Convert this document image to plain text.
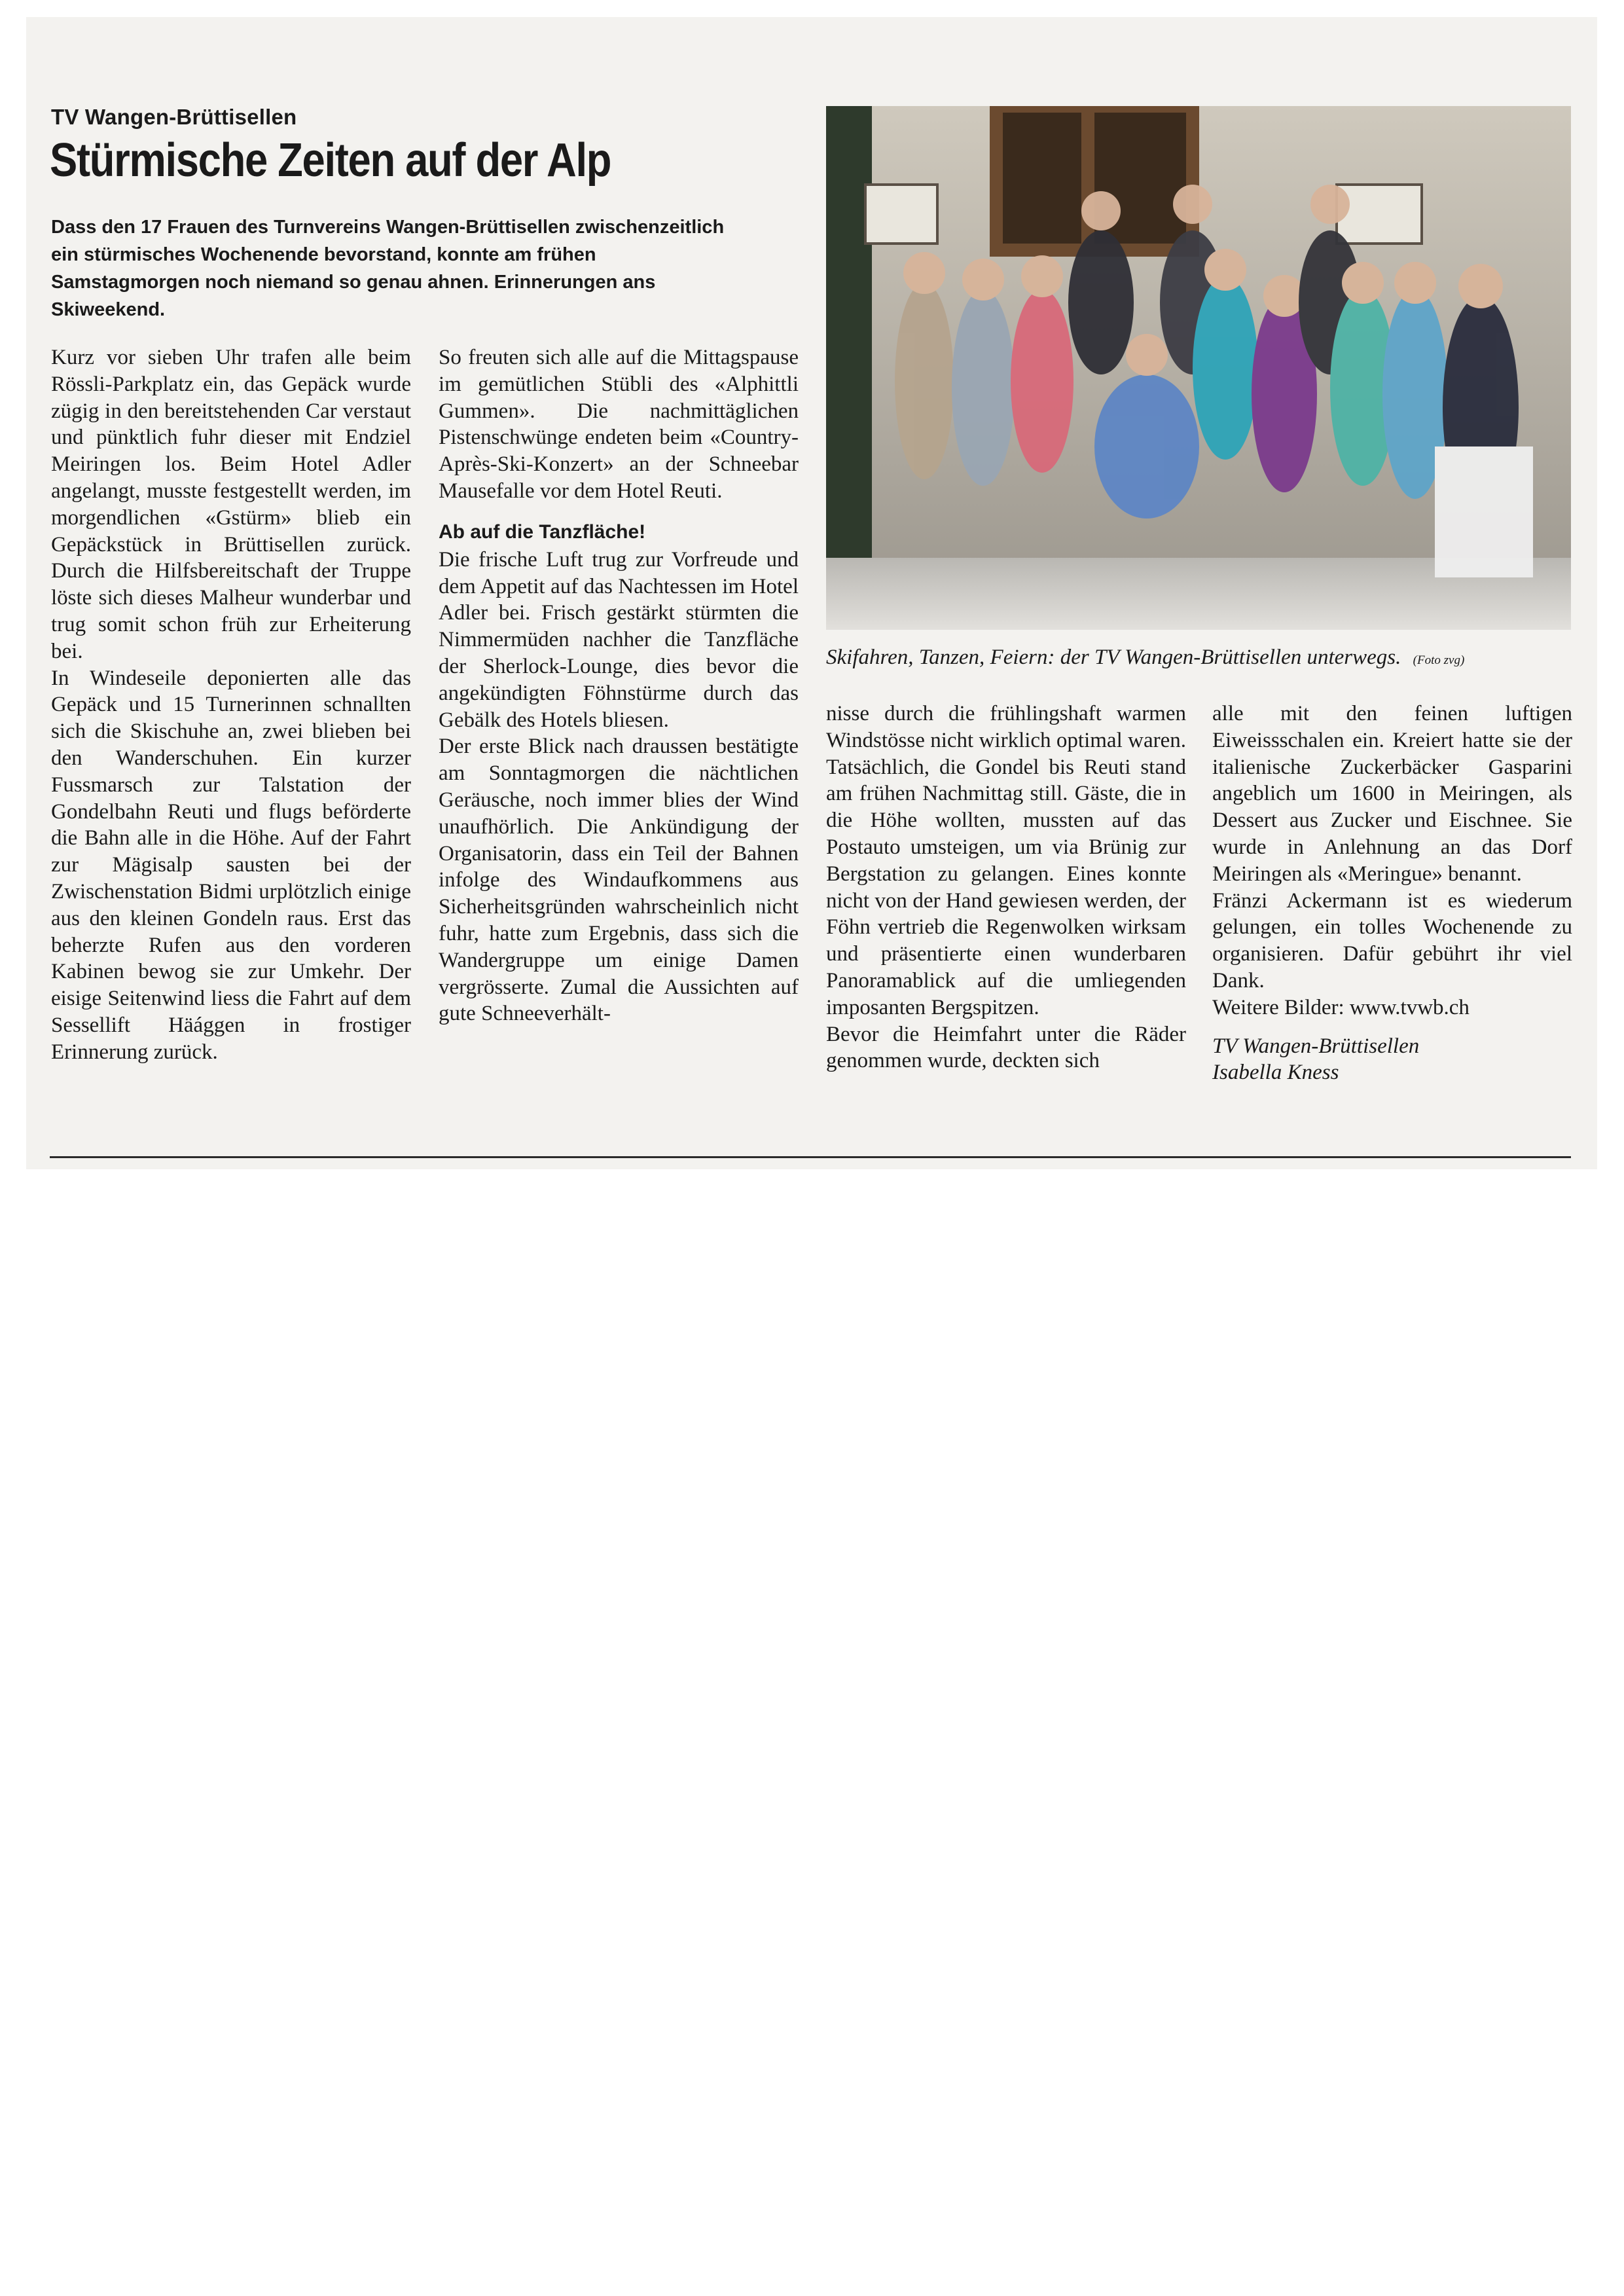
TV Wangen-Brüttisellen
Stürmische Zeiten auf der Alp

Dass den 17 Frauen des Turnvereins Wangen-Brüttisellen zwischenzeitlich ein stürmisches Wochenende bevorstand, konnte am frühen Samstagmorgen noch niemand so genau ahnen. Erinnerungen ans Skiweekend.

Kurz vor sieben Uhr trafen alle beim Rössli-Parkplatz ein, das Gepäck wurde zügig in den bereitstehenden Car verstaut und pünktlich fuhr dieser mit Endziel Meiringen los. Beim Hotel Adler angelangt, musste festgestellt werden, im morgendlichen «Gstürm» blieb ein Gepäckstück in Brüttisellen zurück. Durch die Hilfsbereitschaft der Truppe löste sich dieses Malheur wunderbar und trug somit schon früh zur Erheiterung bei.

In Windeseile deponierten alle das Gepäck und 15 Turnerinnen schnallten sich die Skischuhe an, zwei blieben bei den Wanderschuhen. Ein kurzer Fussmarsch zur Talstation der Gondelbahn Reuti und flugs beförderte die Bahn alle in die Höhe. Auf der Fahrt zur Mägisalp sausten bei der Zwischenstation Bidmi urplötzlich einige aus den kleinen Gondeln raus. Erst das beherzte Rufen aus den vorderen Kabinen bewog sie zur Umkehr. Der eisige Seitenwind liess die Fahrt auf dem Sessellift Häággen in frostiger Erinnerung zurück.

So freuten sich alle auf die Mittagspause im gemütlichen Stübli des «Alphittli Gummen». Die nachmittäglichen Pistenschwünge endeten beim «Country-Après-Ski-Konzert» an der Schneebar Mausefalle vor dem Hotel Reuti.

Ab auf die Tanzfläche!

Die frische Luft trug zur Vorfreude und dem Appetit auf das Nachtessen im Hotel Adler bei. Frisch gestärkt stürmten die Nimmermüden nachher die Tanzfläche der Sherlock-Lounge, dies bevor die angekündigten Föhnstürme durch das Gebälk des Hotels bliesen.

Der erste Blick nach draussen bestätigte am Sonntagmorgen die nächtlichen Geräusche, noch immer blies der Wind unaufhörlich. Die Ankündigung der Organisatorin, dass ein Teil der Bahnen infolge des Windaufkommens aus Sicherheitsgründen wahrscheinlich nicht fuhr, hatte zum Ergebnis, dass sich die Wandergruppe um einige Damen vergrösserte. Zumal die Aussichten auf gute Schneeverhält-

Skifahren, Tanzen, Feiern: der TV Wangen-Brüttisellen unterwegs. (Foto zvg)

nisse durch die frühlingshaft warmen Windstösse nicht wirklich optimal waren. Tatsächlich, die Gondel bis Reuti stand am frühen Nachmittag still. Gäste, die in die Höhe wollten, mussten auf das Postauto umsteigen, um via Brünig zur Bergstation zu gelangen. Eines konnte nicht von der Hand gewiesen werden, der Föhn vertrieb die Regenwolken wirksam und präsentierte einen wunderbaren Panoramablick auf die umliegenden imposanten Bergspitzen.

Bevor die Heimfahrt unter die Räder genommen wurde, deckten sich

alle mit den feinen luftigen Eiweissschalen ein. Kreiert hatte sie der italienische Zuckerbäcker Gasparini angeblich um 1600 in Meiringen, als Dessert aus Zucker und Eischnee. Sie wurde in Anlehnung an das Dorf Meiringen als «Meringue» benannt.

Fränzi Ackermann ist es wiederum gelungen, ein tolles Wochenende zu organisieren. Dafür gebührt ihr viel Dank.

Weitere Bilder: www.tvwb.ch

TV Wangen-Brüttisellen

Isabella Kness
